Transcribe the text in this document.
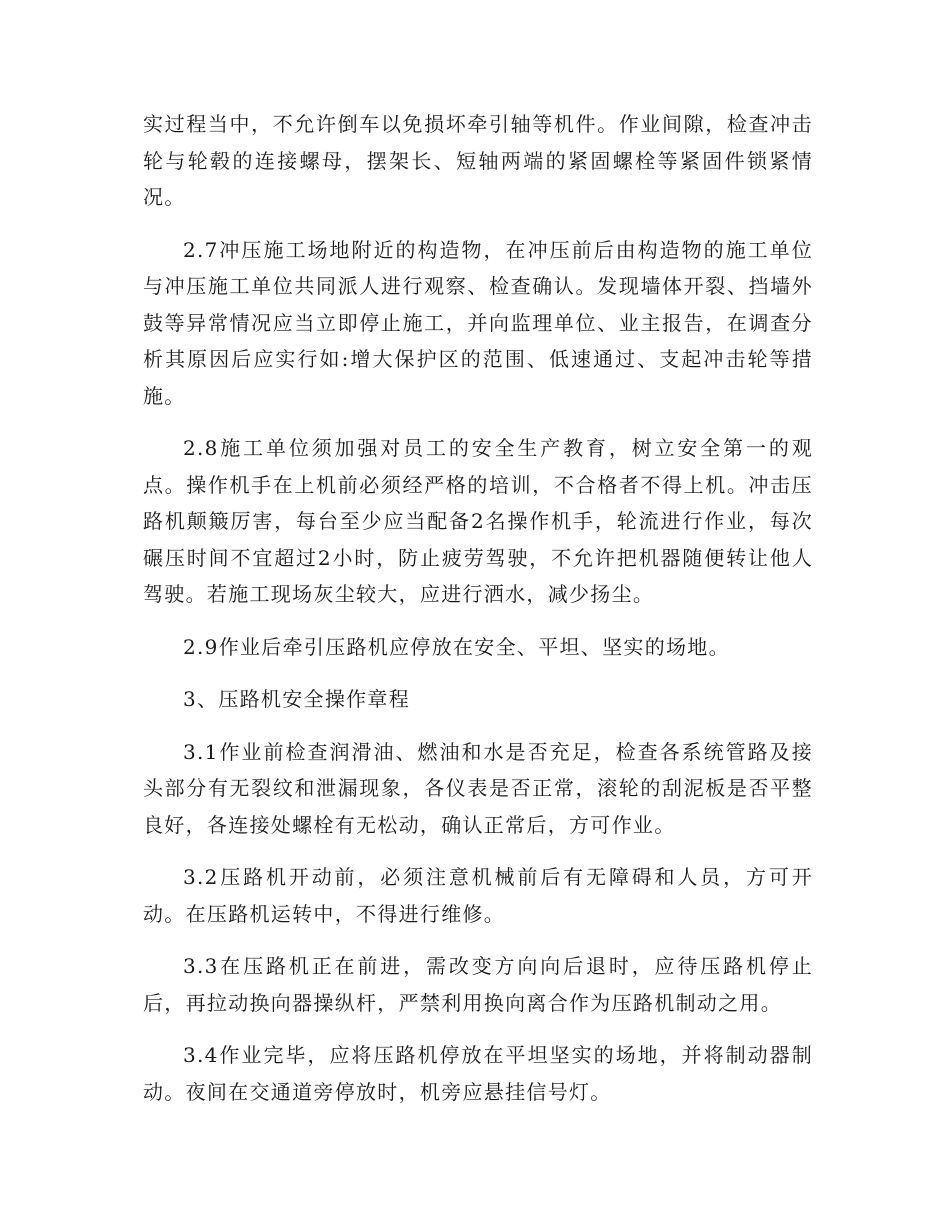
实过程当中，不允许倒车以免损坏牵引轴等机件。作业间隙，检查冲击轮与轮毂的连接螺母，摆架长、短轴两端的紧固螺栓等紧固件锁紧情况。

2.7冲压施工场地附近的构造物，在冲压前后由构造物的施工单位与冲压施工单位共同派人进行观察、检查确认。发现墙体开裂、挡墙外鼓等异常情况应当立即停止施工，并向监理单位、业主报告，在调查分析其原因后应实行如:增大保护区的范围、低速通过、支起冲击轮等措施。

2.8施工单位须加强对员工的安全生产教育，树立安全第一的观点。操作机手在上机前必须经严格的培训，不合格者不得上机。冲击压路机颠簸厉害，每台至少应当配备2名操作机手，轮流进行作业，每次碾压时间不宜超过2小时，防止疲劳驾驶，不允许把机器随便转让他人驾驶。若施工现场灰尘较大，应进行洒水，减少扬尘。

2.9作业后牵引压路机应停放在安全、平坦、坚实的场地。

3、压路机安全操作章程

3.1作业前检查润滑油、燃油和水是否充足，检查各系统管路及接头部分有无裂纹和泄漏现象，各仪表是否正常，滚轮的刮泥板是否平整良好，各连接处螺栓有无松动，确认正常后，方可作业。

3.2压路机开动前，必须注意机械前后有无障碍和人员，方可开动。在压路机运转中，不得进行维修。

3.3在压路机正在前进，需改变方向向后退时，应待压路机停止后，再拉动换向器操纵杆，严禁利用换向离合作为压路机制动之用。

3.4作业完毕，应将压路机停放在平坦坚实的场地，并将制动器制动。夜间在交通道旁停放时，机旁应悬挂信号灯。
